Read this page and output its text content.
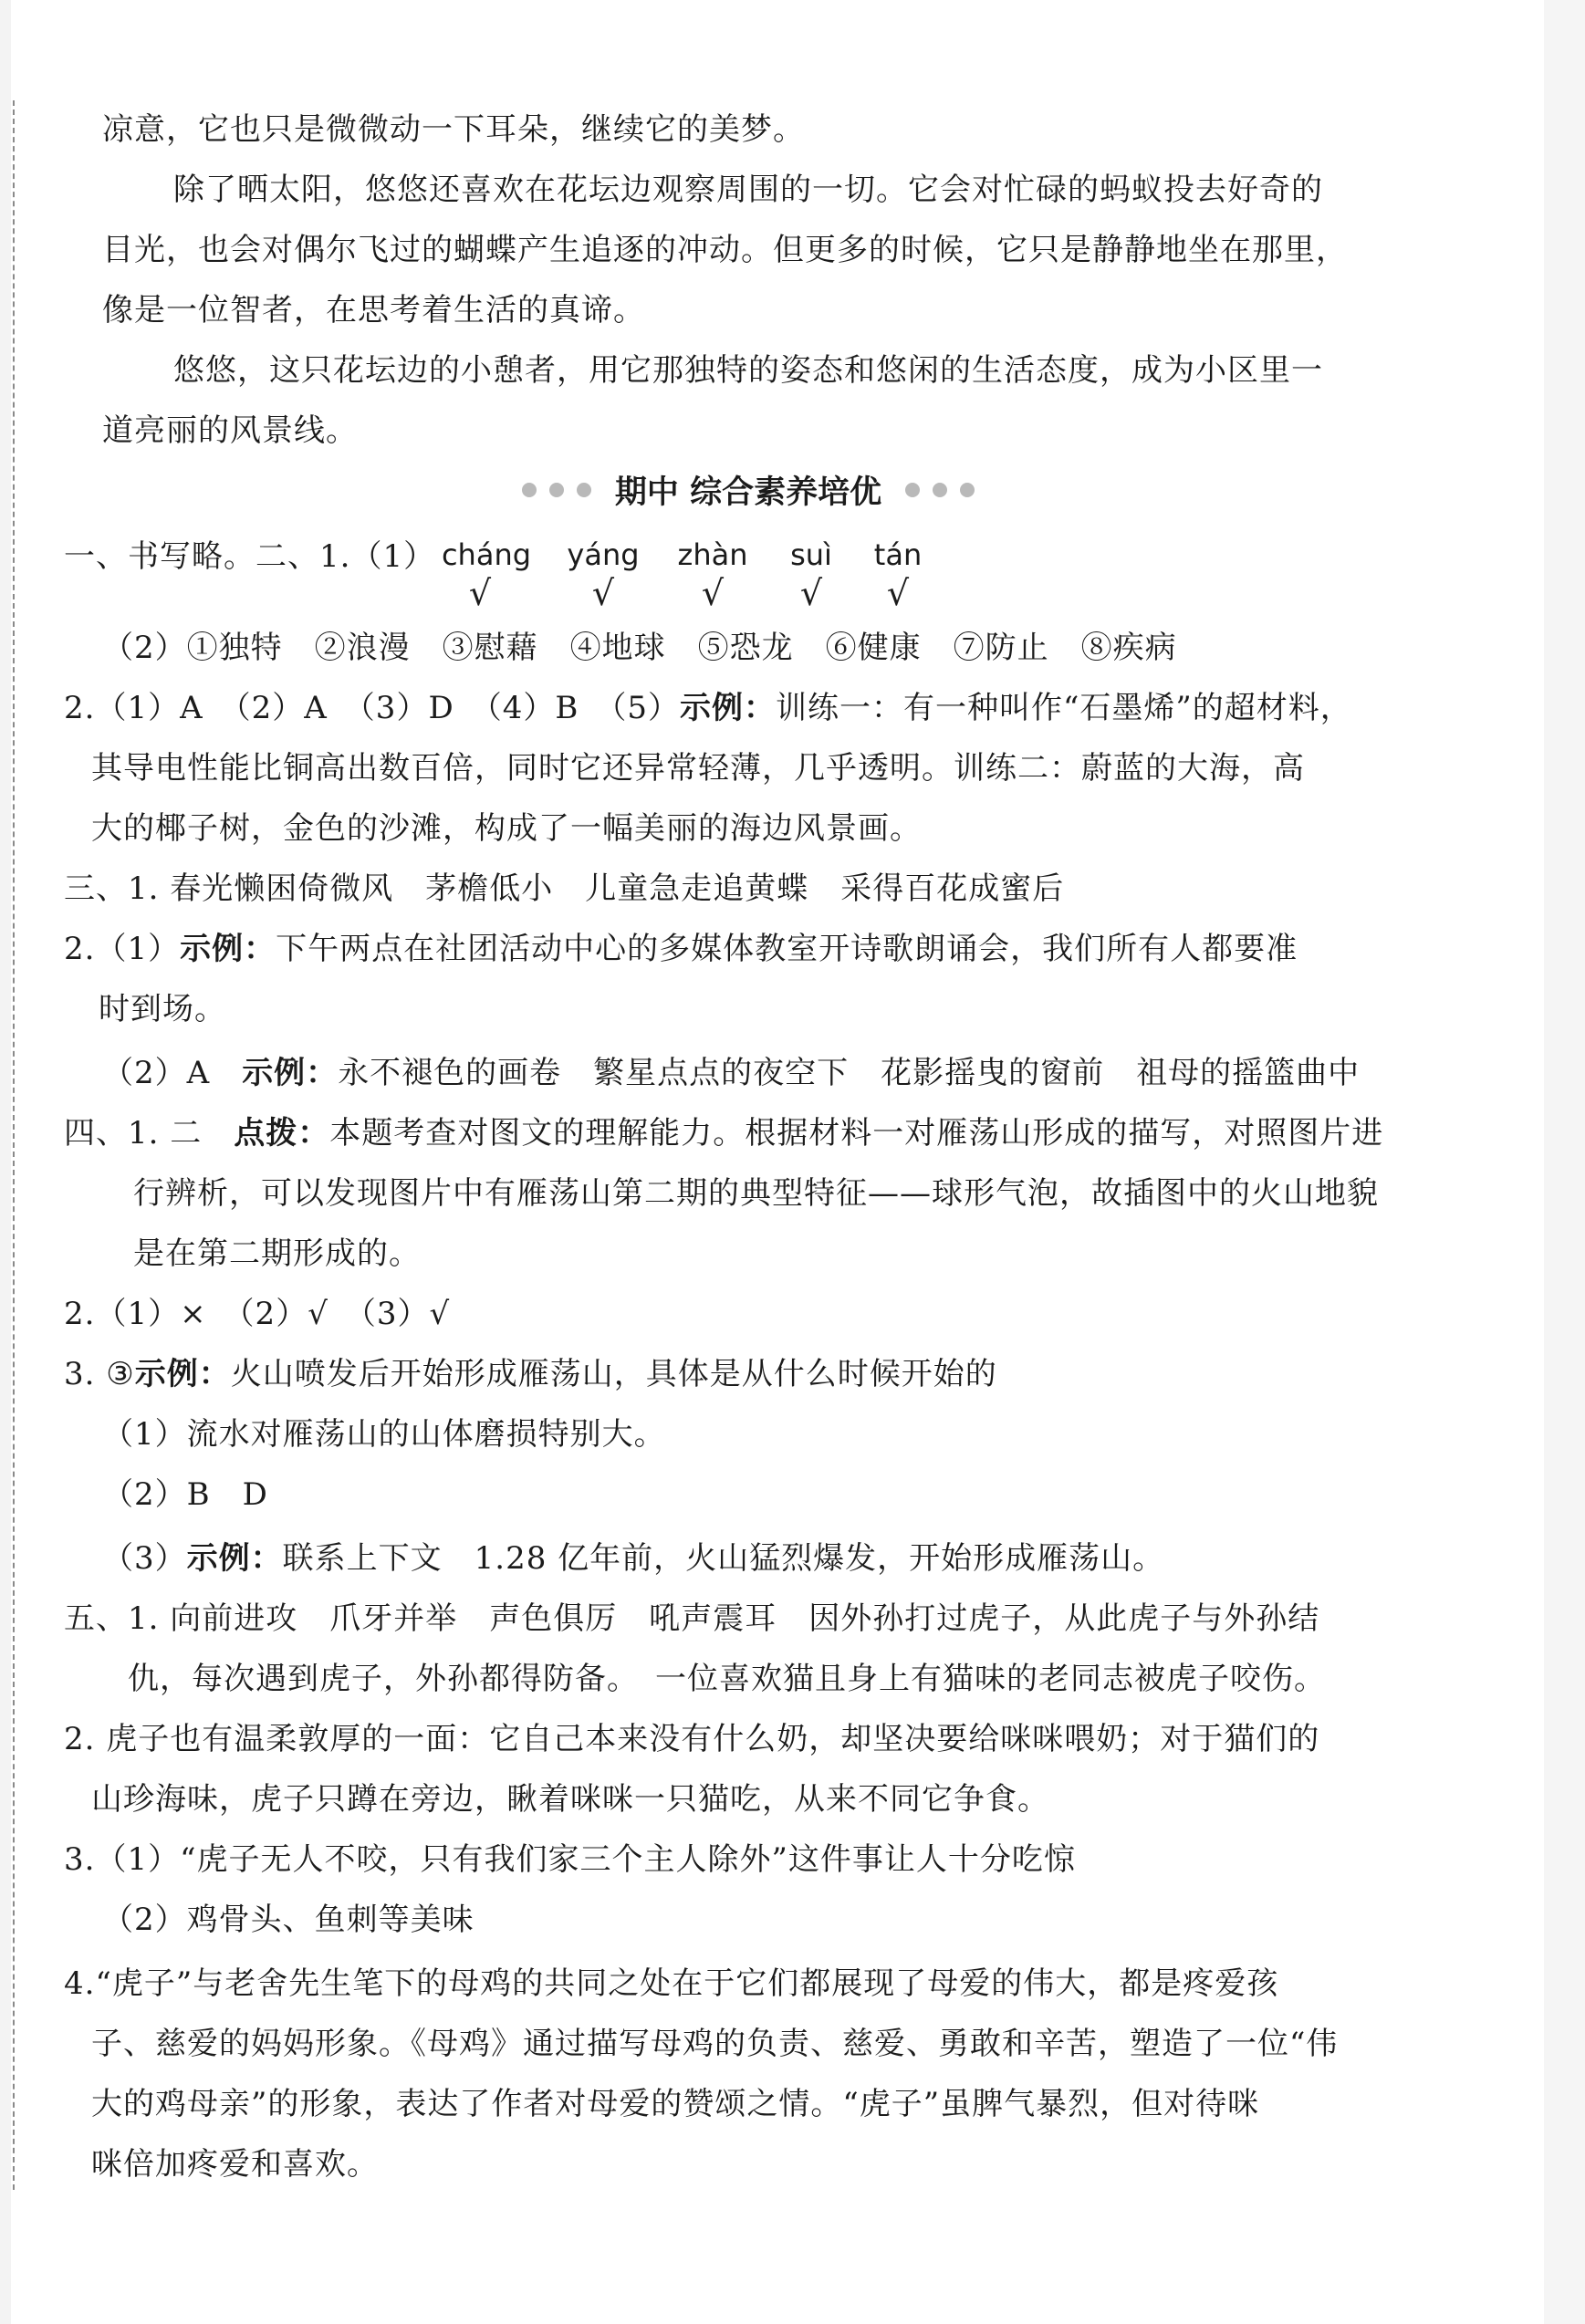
凉意，它也只是微微动一下耳朵，继续它的美梦。
除了晒太阳，悠悠还喜欢在花坛边观察周围的一切。它会对忙碌的蚂蚁投去好奇的
目光，也会对偶尔飞过的蝴蝶产生追逐的冲动。但更多的时候，它只是静静地坐在那里，
像是一位智者，在思考着生活的真谛。
悠悠，这只花坛边的小憩者，用它那独特的姿态和悠闲的生活态度，成为小区里一
道亮丽的风景线。
期中 综合素养培优
一、书写略。二、1.（1） cháng	yáng	zhàn	suì	tán
√	√	√	√	√
（2）①独特　②浪漫　③慰藉　④地球　⑤恐龙　⑥健康　⑦防止　⑧疾病
2.（1）A　（2）A　（3）D　（4）B　（5）示例：训练一：有一种叫作“石墨烯”的超材料，
其导电性能比铜高出数百倍，同时它还异常轻薄，几乎透明。训练二：蔚蓝的大海，高
大的椰子树，金色的沙滩，构成了一幅美丽的海边风景画。
三、1. 春光懒困倚微风　茅檐低小　儿童急走追黄蝶　采得百花成蜜后
2.（1）示例：下午两点在社团活动中心的多媒体教室开诗歌朗诵会，我们所有人都要准
时到场。
（2）A　示例：永不褪色的画卷　繁星点点的夜空下　花影摇曳的窗前　祖母的摇篮曲中
四、1. 二　点拨：本题考查对图文的理解能力。根据材料一对雁荡山形成的描写，对照图片进
行辨析，可以发现图片中有雁荡山第二期的典型特征——球形气泡，故插图中的火山地貌
是在第二期形成的。
2.（1）×　（2）√　（3）√
3. ③示例：火山喷发后开始形成雁荡山，具体是从什么时候开始的
（1）流水对雁荡山的山体磨损特别大。
（2）B　D
（3）示例：联系上下文　1.28 亿年前，火山猛烈爆发，开始形成雁荡山。
五、1. 向前进攻　爪牙并举　声色俱厉　吼声震耳　因外孙打过虎子，从此虎子与外孙结
仇，每次遇到虎子，外孙都得防备。　一位喜欢猫且身上有猫味的老同志被虎子咬伤。
2. 虎子也有温柔敦厚的一面：它自己本来没有什么奶，却坚决要给咪咪喂奶；对于猫们的
山珍海味，虎子只蹲在旁边，瞅着咪咪一只猫吃，从来不同它争食。
3.（1）“虎子无人不咬，只有我们家三个主人除外”这件事让人十分吃惊
（2）鸡骨头、鱼刺等美味
4.“虎子”与老舍先生笔下的母鸡的共同之处在于它们都展现了母爱的伟大，都是疼爱孩
子、慈爱的妈妈形象。《母鸡》通过描写母鸡的负责、慈爱、勇敢和辛苦，塑造了一位“伟
大的鸡母亲”的形象，表达了作者对母爱的赞颂之情。“虎子”虽脾气暴烈，但对待咪
咪倍加疼爱和喜欢。
